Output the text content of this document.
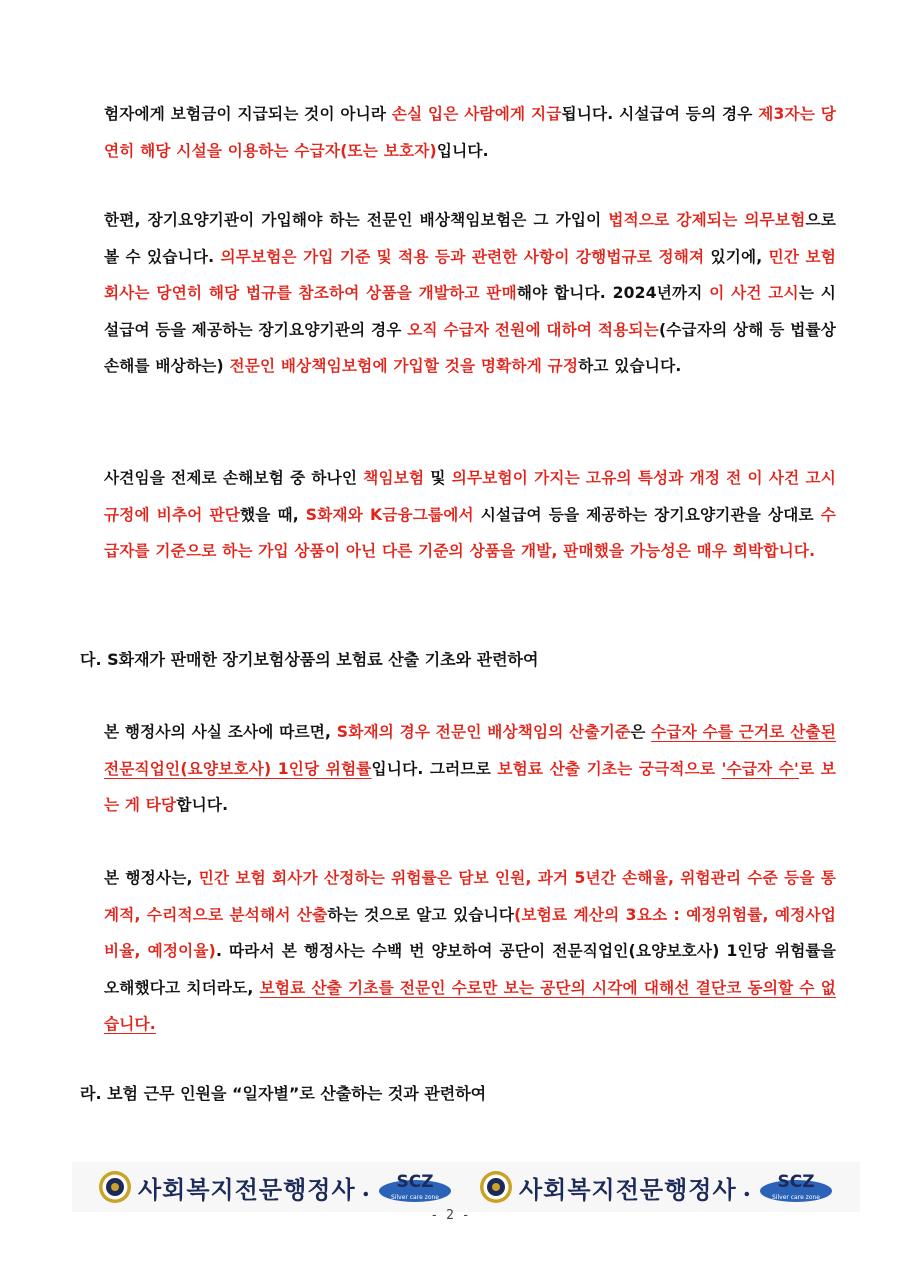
험자에게 보험금이 지급되는 것이 아니라 손실 입은 사람에게 지급됩니다. 시설급여 등의 경우 제3자는 당연히 해당 시설을 이용하는 수급자(또는 보호자)입니다.
한편, 장기요양기관이 가입해야 하는 전문인 배상책임보험은 그 가입이 법적으로 강제되는 의무보험으로 볼 수 있습니다. 의무보험은 가입 기준 및 적용 등과 관련한 사항이 강행법규로 정해져 있기에, 민간 보험 회사는 당연히 해당 법규를 참조하여 상품을 개발하고 판매해야 합니다. 2024년까지 이 사건 고시는 시설급여 등을 제공하는 장기요양기관의 경우 오직 수급자 전원에 대하여 적용되는(수급자의 상해 등 법률상 손해를 배상하는) 전문인 배상책임보험에 가입할 것을 명확하게 규정하고 있습니다.
사견임을 전제로 손해보험 중 하나인 책임보험 및 의무보험이 가지는 고유의 특성과 개정 전 이 사건 고시 규정에 비추어 판단했을 때, S화재와 K금융그룹에서 시설급여 등을 제공하는 장기요양기관을 상대로 수급자를 기준으로 하는 가입 상품이 아닌 다른 기준의 상품을 개발, 판매했을 가능성은 매우 희박합니다.
다. S화재가 판매한 장기보험상품의 보험료 산출 기초와 관련하여
본 행정사의 사실 조사에 따르면, S화재의 경우 전문인 배상책임의 산출기준은 수급자 수를 근거로 산출된 전문직업인(요양보호사) 1인당 위험률입니다. 그러므로 보험료 산출 기초는 궁극적으로 '수급자 수'로 보는 게 타당합니다.
본 행정사는, 민간 보험 회사가 산정하는 위험률은 담보 인원, 과거 5년간 손해율, 위험관리 수준 등을 통계적, 수리적으로 분석해서 산출하는 것으로 알고 있습니다(보험료 계산의 3요소 : 예정위험률, 예정사업비율, 예정이율). 따라서 본 행정사는 수백 번 양보하여 공단이 전문직업인(요양보호사) 1인당 위험률을 오해했다고 치더라도, 보험료 산출 기초를 전문인 수로만 보는 공단의 시각에 대해선 결단코 동의할 수 없습니다.
라. 보험 근무 인원을 “일자별”로 산출하는 것과 관련하여
사회복지전문행정사 . SCZ
Silver care zone	사회복지전문행정사 . SCZ
Silver care zone
- 2 -
